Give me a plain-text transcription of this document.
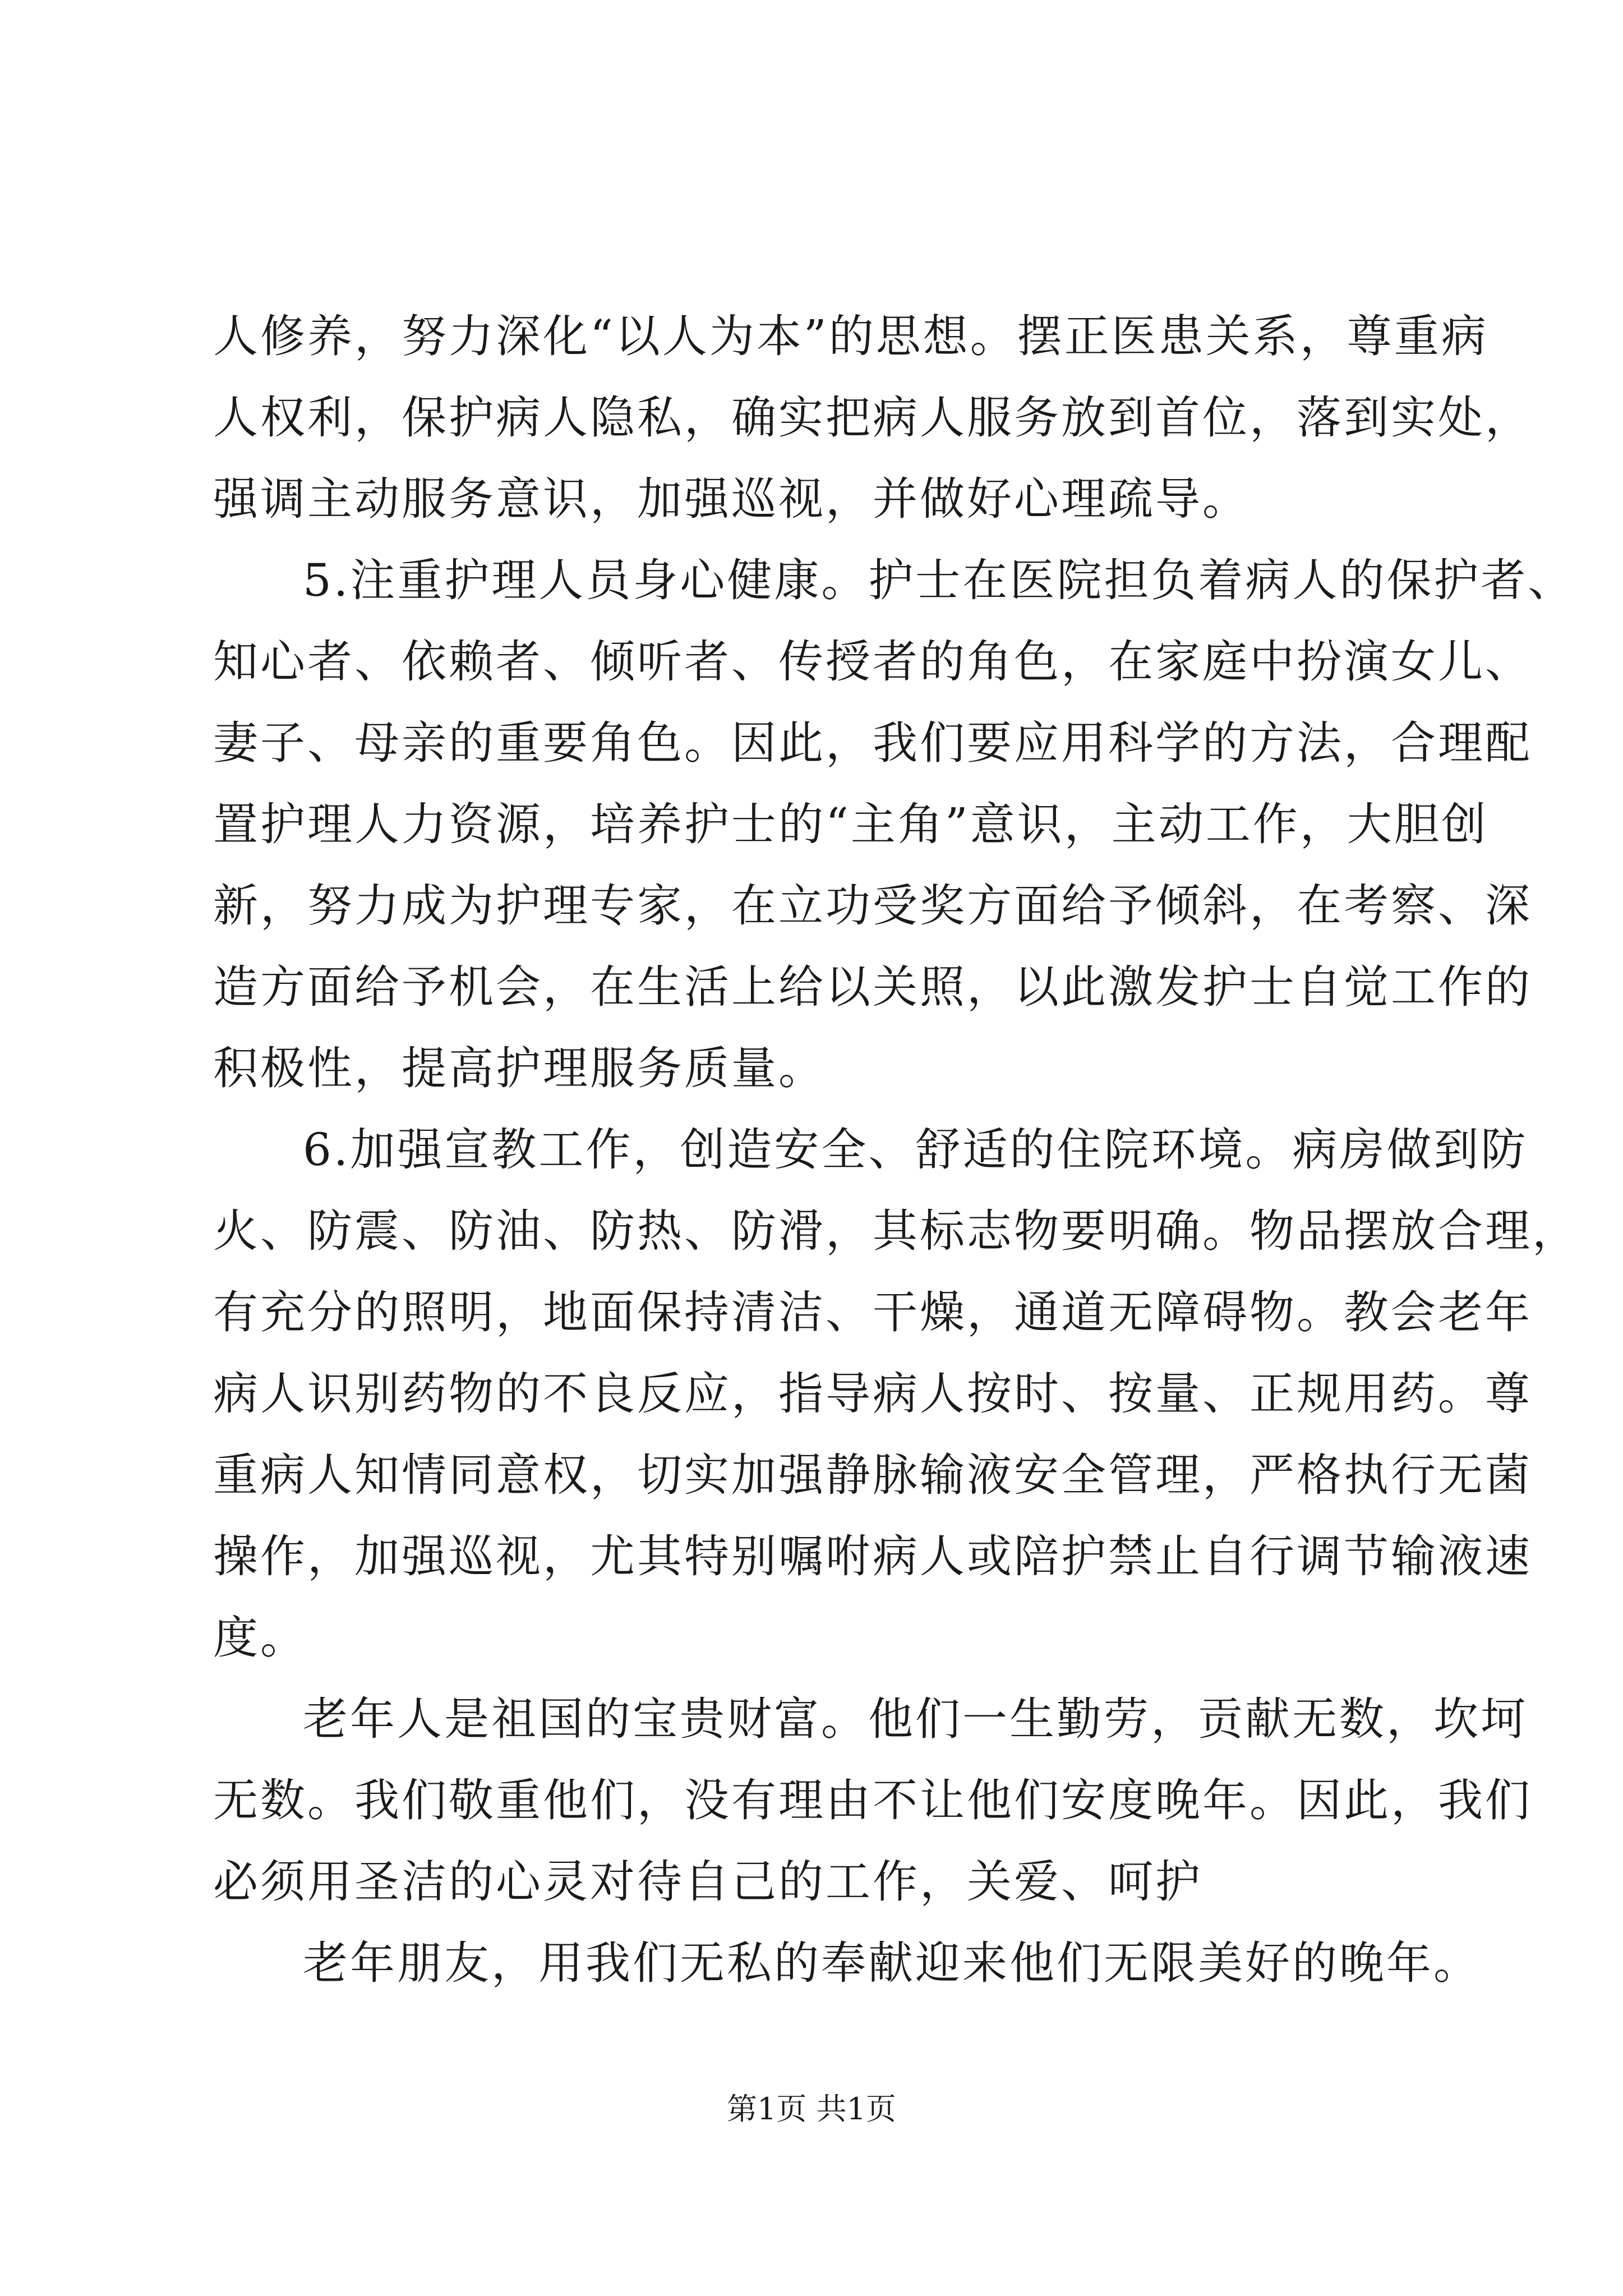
人修养，努力深化“以人为本”的思想。摆正医患关系，尊重病
人权利，保护病人隐私，确实把病人服务放到首位，落到实处，
强调主动服务意识，加强巡视，并做好心理疏导。
5.注重护理人员身心健康。护士在医院担负着病人的保护者、
知心者、依赖者、倾听者、传授者的角色，在家庭中扮演女儿、
妻子、母亲的重要角色。因此，我们要应用科学的方法，合理配
置护理人力资源，培养护士的“主角”意识，主动工作，大胆创
新，努力成为护理专家，在立功受奖方面给予倾斜，在考察、深
造方面给予机会，在生活上给以关照，以此激发护士自觉工作的
积极性，提高护理服务质量。
6.加强宣教工作，创造安全、舒适的住院环境。病房做到防
火、防震、防油、防热、防滑，其标志物要明确。物品摆放合理，
有充分的照明，地面保持清洁、干燥，通道无障碍物。教会老年
病人识别药物的不良反应，指导病人按时、按量、正规用药。尊
重病人知情同意权，切实加强静脉输液安全管理，严格执行无菌
操作，加强巡视，尤其特别嘱咐病人或陪护禁止自行调节输液速
度。
老年人是祖国的宝贵财富。他们一生勤劳，贡献无数，坎坷
无数。我们敬重他们，没有理由不让他们安度晚年。因此，我们
必须用圣洁的心灵对待自己的工作，关爱、呵护
老年朋友，用我们无私的奉献迎来他们无限美好的晚年。
第1页 共1页
